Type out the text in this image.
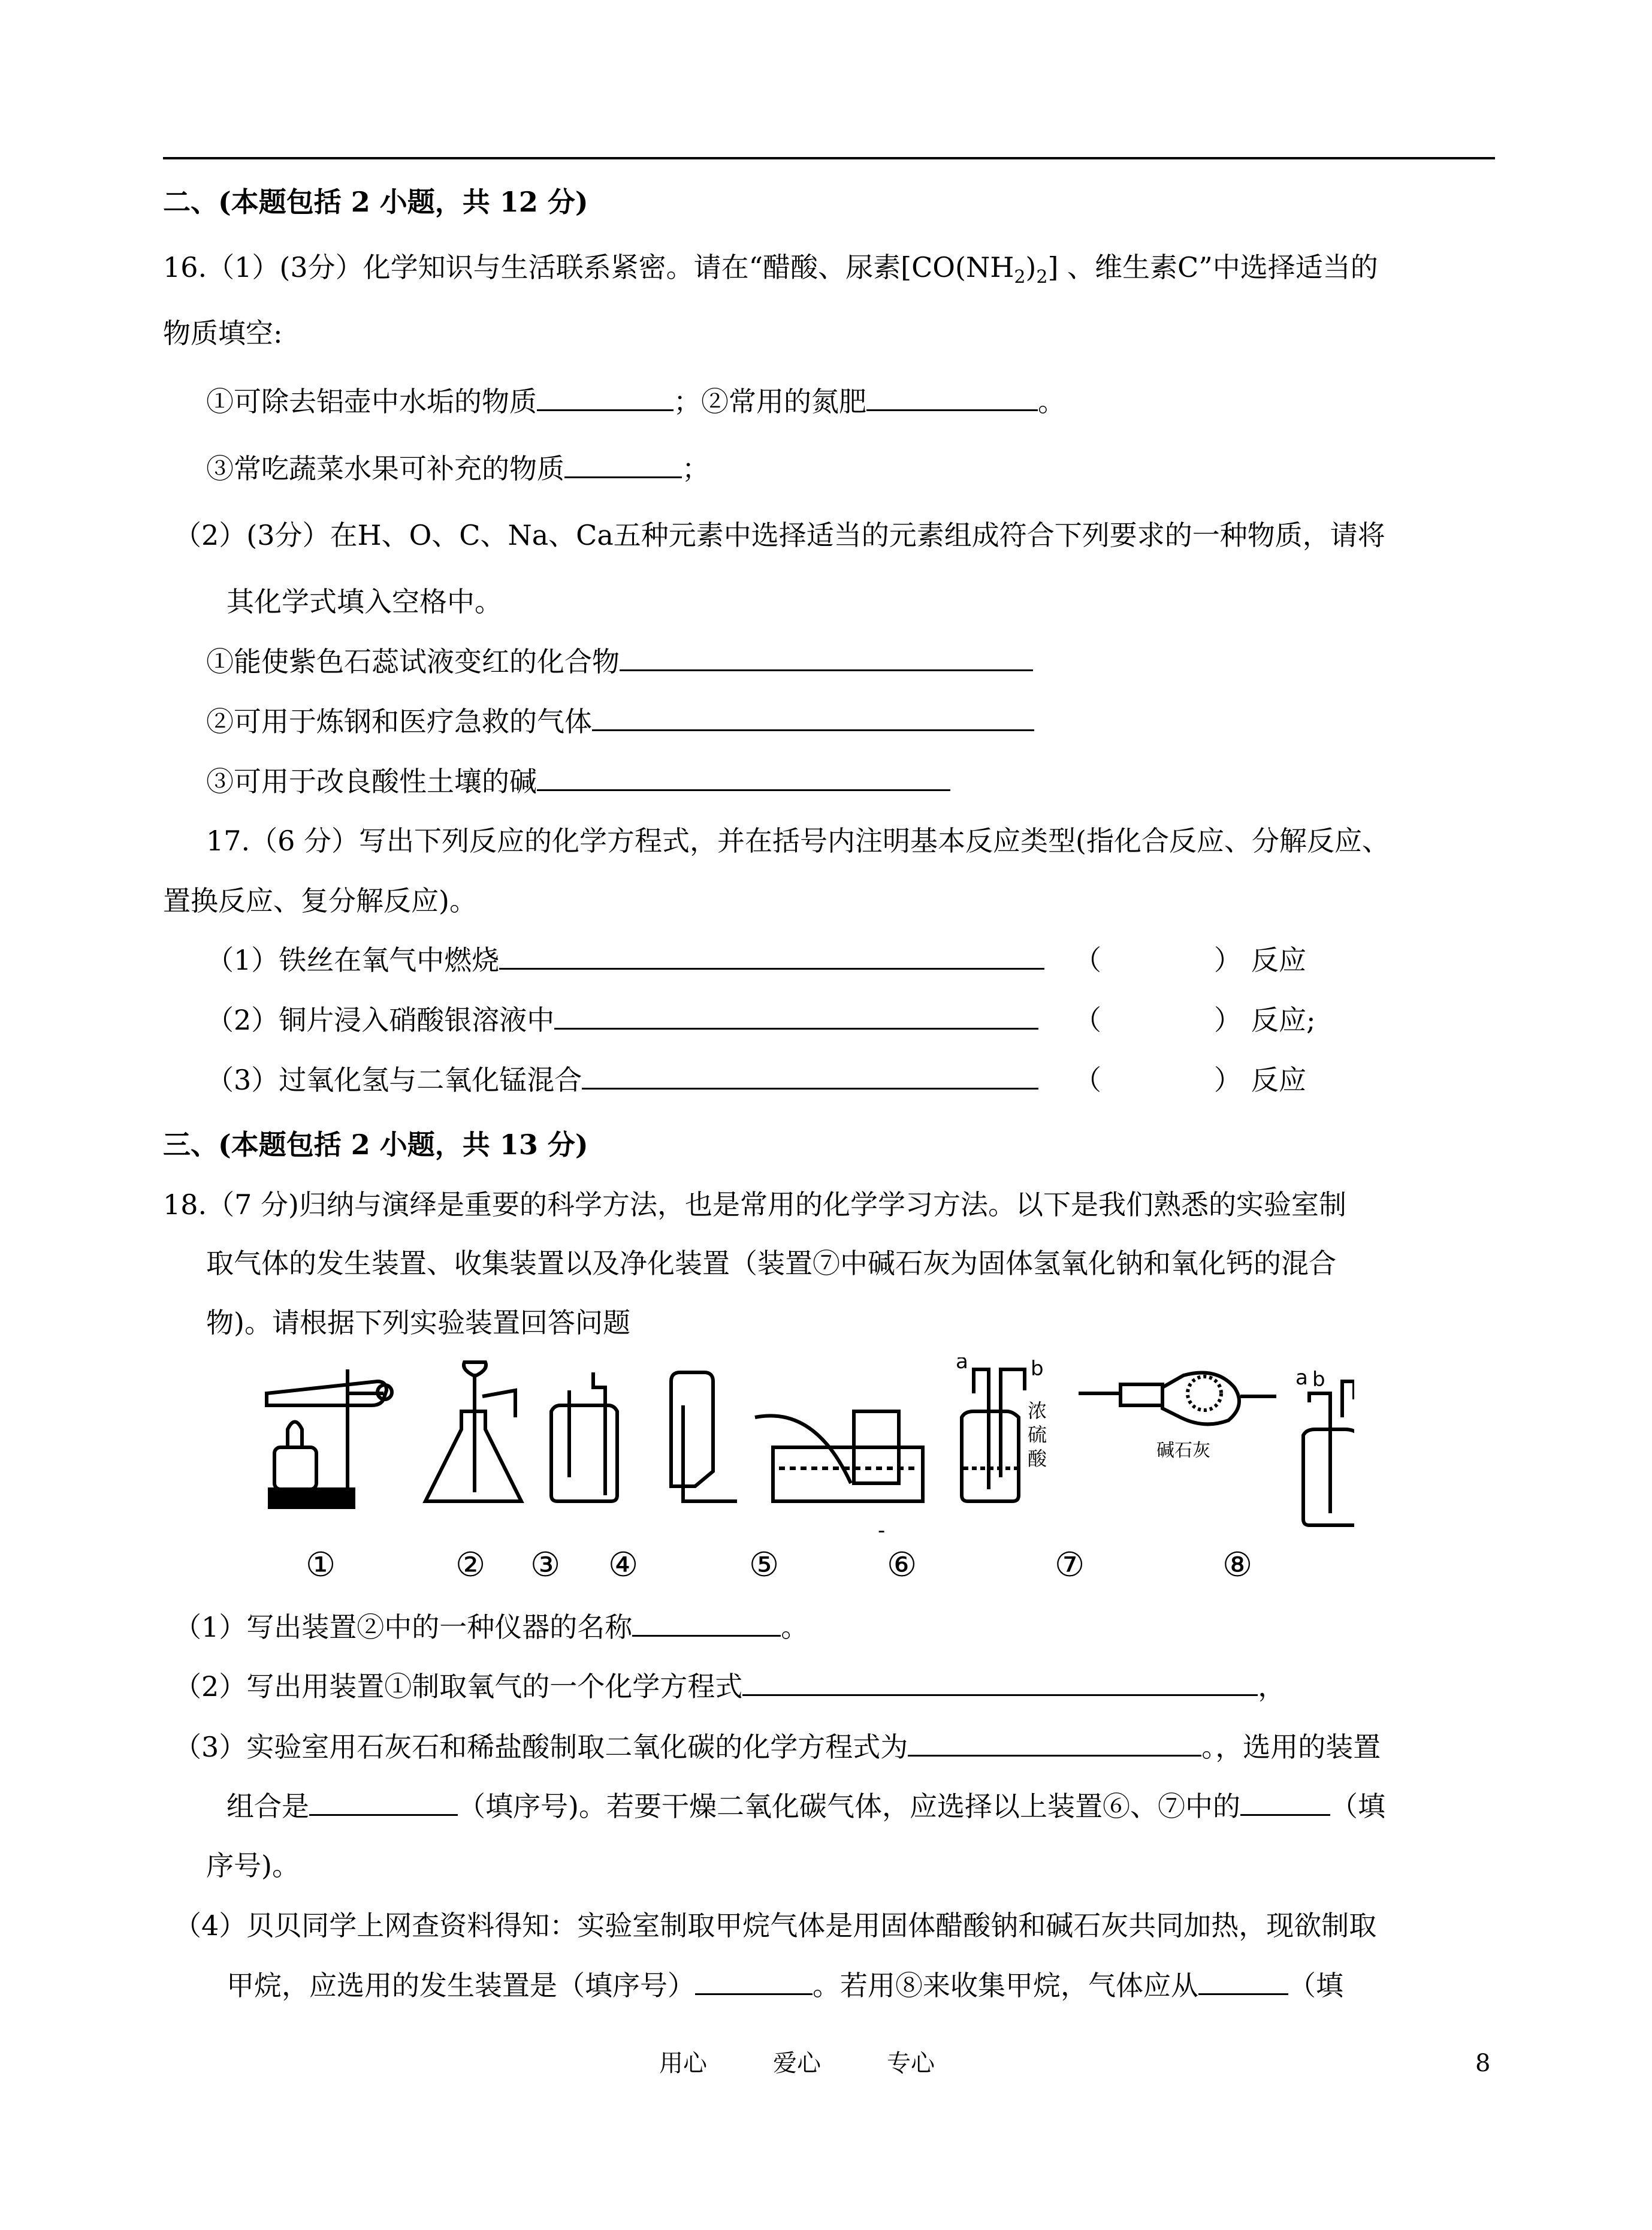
二、(本题包括 2 小题，共 12 分)
16.（1）(3分）化学知识与生活联系紧密。请在“醋酸、尿素$[CO(NH_2)_2]$ 、维生素C”中选择适当的
物质填空:
①可除去铝壶中水垢的物质	；②常用的氮肥	。
③常吃蔬菜水果可补充的物质	；
（2）(3分）在H、O、C、Na、Ca五种元素中选择适当的元素组成符合下列要求的一种物质，请将
其化学式填入空格中。
①能使紫色石蕊试液变红的化合物
②可用于炼钢和医疗急救的气体
③可用于改良酸性土壤的碱
17.（6 分）写出下列反应的化学方程式，并在括号内注明基本反应类型(指化合反应、分解反应、
置换反应、复分解反应)。
（1）铁丝在氧气中燃烧	（	） 反应
（2）铜片浸入硝酸银溶液中	（	） 反应;
（3）过氧化氢与二氧化锰混合	（	） 反应
三、(本题包括 2 小题，共 13 分)
18.（7 分)归纳与演绎是重要的科学方法，也是常用的化学学习方法。以下是我们熟悉的实验室制
取气体的发生装置、收集装置以及净化装置（装置⑦中碱石灰为固体氢氧化钠和氧化钙的混合
物)。请根据下列实验装置回答问题
a	b
浓
硫
酸	碱石灰
a
-
①	② ③ ④	⑤	⑥	⑦	⑧
b
（1）写出装置②中的一种仪器的名称	。
（2）写出用装置①制取氧气的一个化学方程式	，
（3）实验室用石灰石和稀盐酸制取二氧化碳的化学方程式为	。，选用的装置
组合是	（填序号)。若要干燥二氧化碳气体，应选择以上装置⑥、⑦中的	（填
序号)。
（4）贝贝同学上网查资料得知：实验室制取甲烷气体是用固体醋酸钠和碱石灰共同加热，现欲制取
甲烷，应选用的发生装置是（填序号）	。若用⑧来收集甲烷，气体应从	（填
用心	爱心	专心	8
